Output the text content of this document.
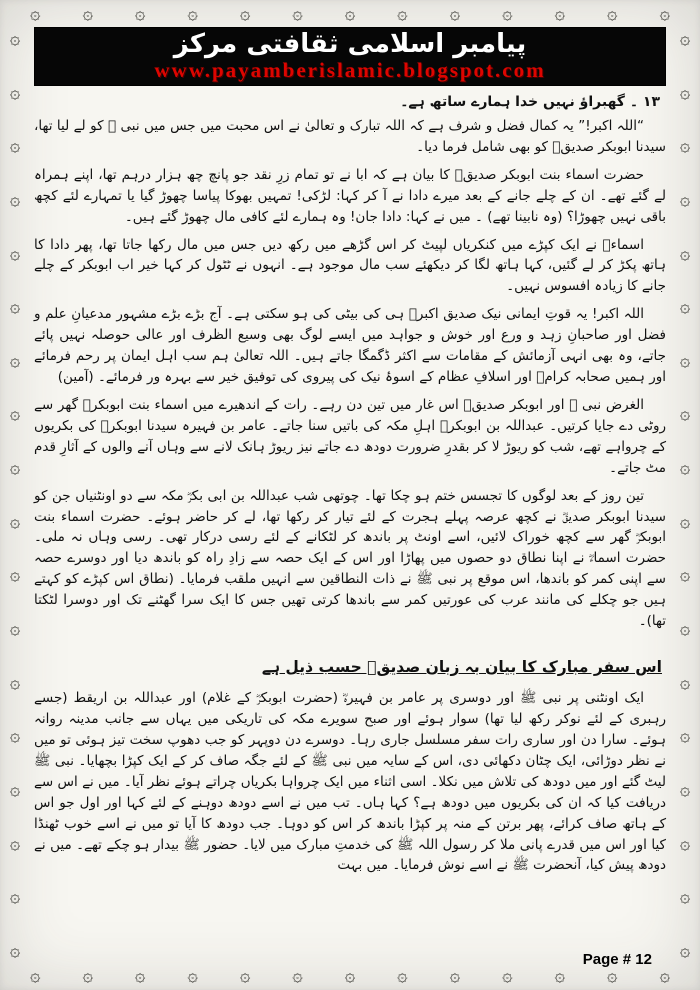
۞ ۞ ۞ ۞ ۞ ۞ ۞ ۞ ۞ ۞ ۞ ۞ ۞
۞ ۞ ۞ ۞ ۞ ۞ ۞ ۞ ۞ ۞ ۞ ۞ ۞
۞
۞
۞
۞
۞
۞
۞
۞
۞
۞
۞
۞
۞
۞
۞
۞
۞
۞
۞
۞
۞
۞
۞
۞
۞
۞
۞
۞
۞
۞
۞
۞
۞
۞
۞
۞
پیامبر اسلامی ثقافتی مرکز
www.payamberislamic.blogspot.com
۱۳ ۔ گھبراؤ نہیں خدا ہمارے ساتھ ہے۔

“اللہ اکبر!” یہ کمال فضل و شرف ہے کہ اللہ تبارک و تعالیٰ نے اس محبت میں جس میں نبی ﷺ کو لے لیا تھا، سیدنا ابوبکر صدیقؓ کو بھی شامل فرما دیا۔

حضرت اسماء بنت ابوبکر صدیقؓ کا بیان ہے کہ ابا نے تو تمام زرِ نقد جو پانچ چھ ہزار درہم تھا، اپنے ہمراہ لے گئے تھے۔ ان کے چلے جانے کے بعد میرے دادا نے آ کر کہا: لڑکی! تمہیں بھوکا پیاسا چھوڑ گیا یا تمہارے لئے کچھ باقی نہیں چھوڑا؟ (وہ نابینا تھے) ۔ میں نے کہا: دادا جان! وہ ہمارے لئے کافی مال چھوڑ گئے ہیں۔

اسماءؓ نے ایک کپڑے میں کنکریاں لپیٹ کر اس گڑھے میں رکھ دیں جس میں مال رکھا جاتا تھا، پھر دادا کا ہاتھ پکڑ کر لے گئیں، کہا ہاتھ لگا کر دیکھئے سب مال موجود ہے۔ انہوں نے ٹٹول کر کہا خیر اب ابوبکر کے چلے جانے کا زیادہ افسوس نہیں۔

اللہ اکبر! یہ قوتِ ایمانی نیک صدیق اکبرؓ ہی کی بیٹی کی ہو سکتی ہے۔ آج بڑے بڑے مشہور مدعیانِ علم و فضل اور صاحبانِ زہد و ورع اور خوش و جواہد میں ایسے لوگ بھی وسیع الظرف اور عالی حوصلہ نہیں پائے جاتے، وہ بھی انہی آزمائش کے مقامات سے اکثر ڈگمگا جاتے ہیں۔ اللہ تعالیٰ ہم سب اہل ایمان پر رحم فرمائے اور ہمیں صحابہ کرامؓ اور اسلافِ عظام کے اسوۂ نیک کی پیروی کی توفیق خیر سے بہرہ ور فرمائے۔ (آمین)

الغرض نبی ﷺ اور ابوبکر صدیقؓ اس غار میں تین دن رہے۔ رات کے اندھیرے میں اسماء بنت ابوبکرؓ گھر سے روٹی دے جایا کرتیں۔ عبداللہ بن ابوبکرؓ اہلِ مکہ کی باتیں سنا جاتے۔ عامر بن فہیرہ سیدنا ابوبکرؓ کی بکریوں کے چرواہے تھے، شب کو ریوڑ لا کر بقدرِ ضرورت دودھ دے جاتے نیز ریوڑ ہانک لانے سے وہاں آنے والوں کے آثارِ قدم مٹ جاتے۔

تین روز کے بعد لوگوں کا تجسس ختم ہو چکا تھا۔ چوتھی شب عبداللہ بن ابی بکرؓ مکہ سے دو اونٹنیاں جن کو سیدنا ابوبکر صدیقؓ نے کچھ عرصہ پہلے ہجرت کے لئے تیار کر رکھا تھا، لے کر حاضر ہوئے۔ حضرت اسماء بنت ابوبکرؓ گھر سے کچھ خوراک لائیں، اسے اونٹ پر باندھ کر لٹکانے کے لئے رسی درکار تھی۔ رسی وہاں نہ ملی۔ حضرت اسماءؓ نے اپنا نطاق دو حصوں میں پھاڑا اور اس کے ایک حصہ سے زادِ راہ کو باندھ دیا اور دوسرے حصہ سے اپنی کمر کو باندھا، اس موقع پر نبی ﷺ نے ذات النطاقین سے انہیں ملقب فرمایا۔ (نطاق اس کپڑے کو کہتے ہیں جو چکلے کی مانند عرب کی عورتیں کمر سے باندھا کرتی تھیں جس کا ایک سرا گھٹنے تک اور دوسرا لٹکتا تھا)۔

اس سفر مبارک کا بیان بہ زبان صدیقؓ حسب ذیل ہے

ایک اونٹنی پر نبی ﷺ اور دوسری پر عامر بن فہیرہؓ (حضرت ابوبکرؓ کے غلام) اور عبداللہ بن اریقط (جسے رہبری کے لئے نوکر رکھ لیا تھا) سوار ہوئے اور صبح سویرے مکہ کی تاریکی میں یہاں سے جانب مدینہ روانہ ہوئے۔ سارا دن اور ساری رات سفر مسلسل جاری رہا۔ دوسرے دن دوپہر کو جب دھوپ سخت تیز ہوئی تو میں نے نظر دوڑائی، ایک چٹان دکھائی دی، اس کے سایہ میں نبی ﷺ کے لئے جگہ صاف کر کے ایک کپڑا بچھایا۔ نبی ﷺ لیٹ گئے اور میں دودھ کی تلاش میں نکلا۔ اسی اثناء میں ایک چرواہا بکریاں چراتے ہوئے نظر آیا۔ میں نے اس سے دریافت کیا کہ ان کی بکریوں میں دودھ ہے؟ کہا ہاں۔ تب میں نے اسے دودھ دوہنے کے لئے کہا اور اول جو اس کے ہاتھ صاف کرائے، پھر برتن کے منہ پر کپڑا باندھ کر اس کو دوہا۔ جب دودھ کا آیا تو میں نے اسے خوب ٹھنڈا کیا اور اس میں قدرے پانی ملا کر رسول اللہ ﷺ کی خدمتِ مبارک میں لایا۔ حضور ﷺ بیدار ہو چکے تھے۔ میں نے دودھ پیش کیا، آنحضرت ﷺ نے اسے نوش فرمایا۔ میں بہت

Page # 12
